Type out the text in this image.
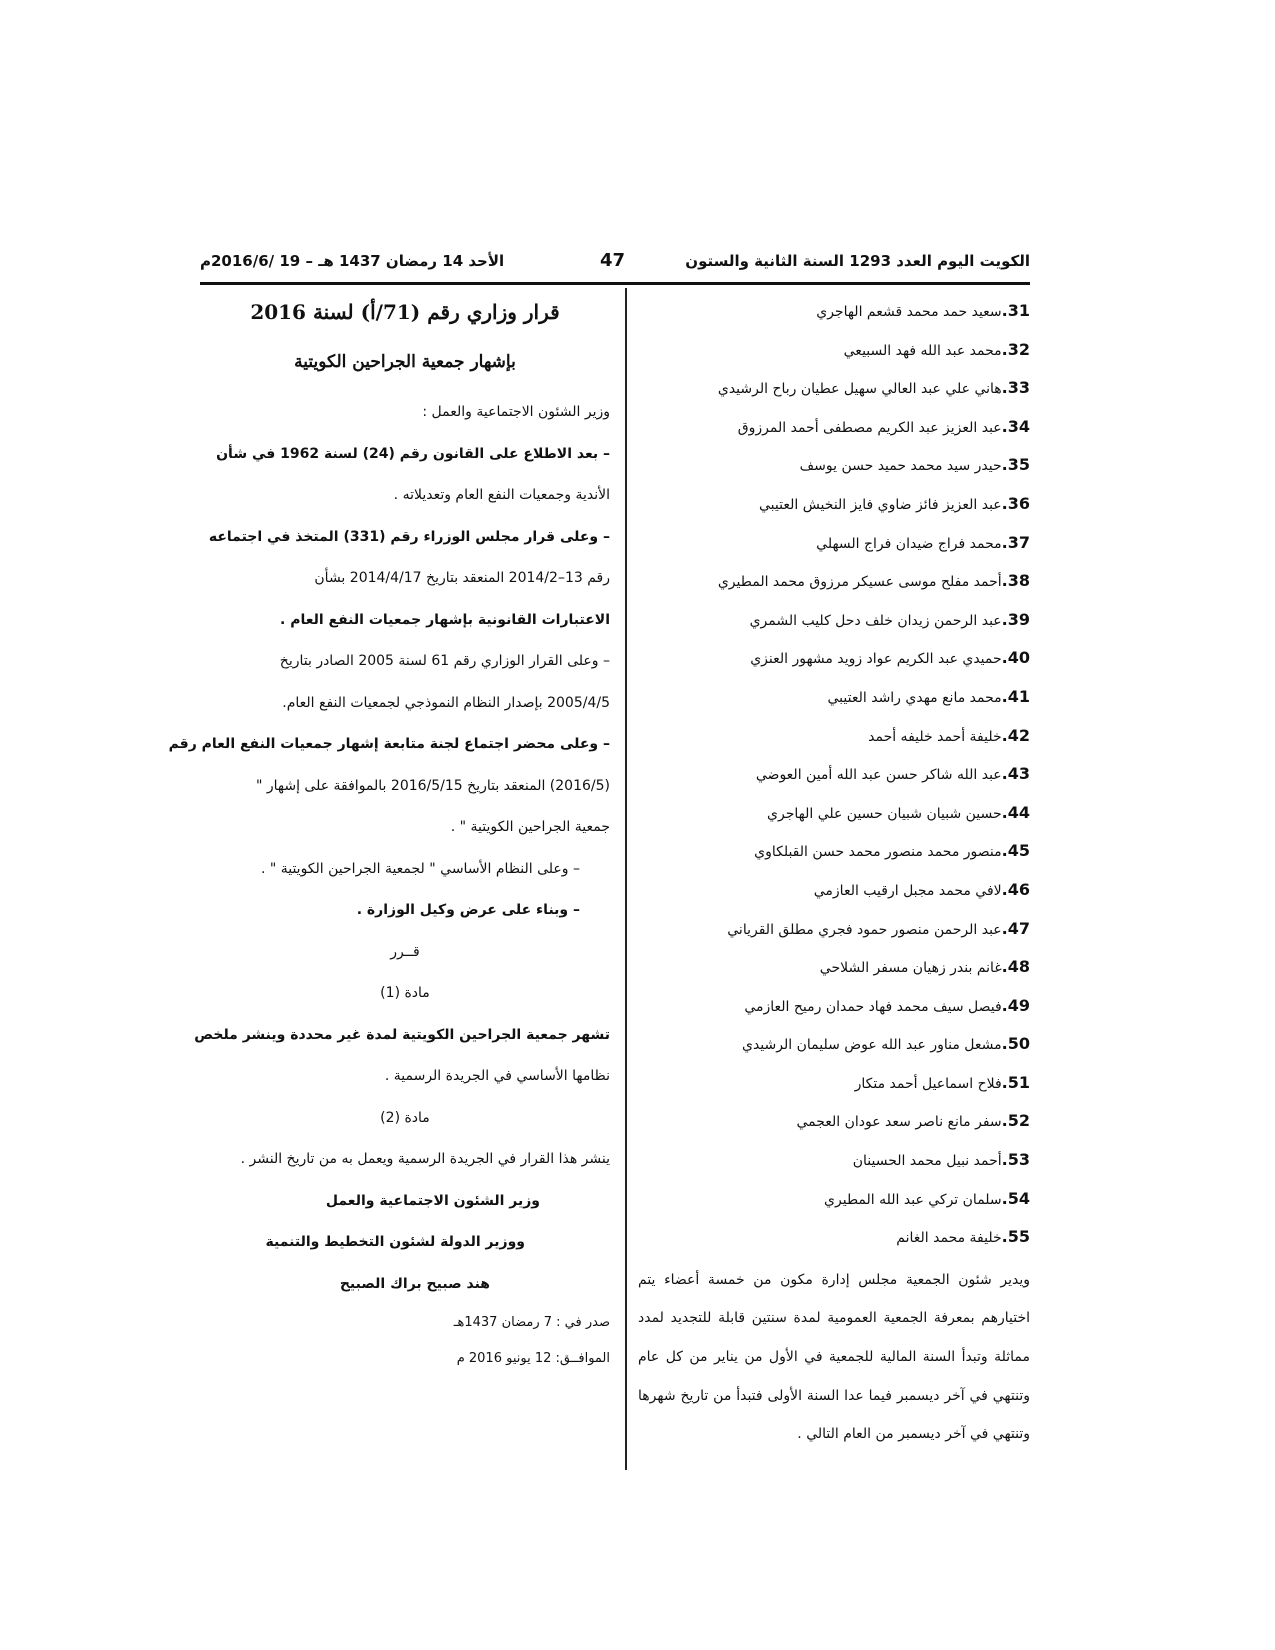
الكويت اليوم العدد 1293 السنة الثانية والستون
47
الأحد 14 رمضان 1437 هـ – 19 /2016/6م
31.سعيد حمد محمد قشعم الهاجري
32.محمد عبد الله فهد السبيعي
33.هاني علي عبد العالي سهيل عطيان رباح الرشيدي
34.عبد العزيز عبد الكريم مصطفى أحمد المرزوق
35.حيدر سيد محمد حميد حسن يوسف
36.عبد العزيز فائز ضاوي فايز النخيش العتيبي
37.محمد فراج ضيدان فراج السهلي
38.أحمد مفلح موسى عسيكر مرزوق محمد المطيري
39.عبد الرحمن زيدان خلف دحل كليب الشمري
40.حميدي عبد الكريم عواد زويد مشهور العنزي
41.محمد مانع مهدي راشد العتيبي
42.خليفة أحمد خليفه أحمد
43.عبد الله شاكر حسن عبد الله أمين العوضي
44.حسين شبيان شبيان حسين علي الهاجري
45.منصور محمد منصور محمد حسن القبلكاوي
46.لافي محمد مجبل ارقيب العازمي
47.عبد الرحمن منصور حمود فجري مطلق القرياني
48.غانم بندر زهيان مسفر الشلاحي
49.فيصل سيف محمد فهاد حمدان رميح العازمي
50.مشعل مناور عبد الله عوض سليمان الرشيدي
51.فلاح اسماعيل أحمد متكار
52.سفر مانع ناصر سعد عودان العجمي
53.أحمد نبيل محمد الحسينان
54.سلمان تركي عبد الله المطيري
55.خليفة محمد الغانم
ويدير شئون الجمعية مجلس إدارة مكون من خمسة أعضاء يتم اختيارهم بمعرفة الجمعية العمومية لمدة سنتين قابلة للتجديد لمدد مماثلة وتبدأ السنة المالية للجمعية في الأول من يناير من كل عام وتنتهي في آخر ديسمبر فيما عدا السنة الأولى فتبدأ من تاريخ شهرها وتنتهي في آخر ديسمبر من العام التالي .
قرار وزاري رقم (71/أ) لسنة 2016
بإشهار جمعية الجراحين الكويتية
وزير الشئون الاجتماعية والعمل :
– بعد الاطلاع على القانون رقم (24) لسنة 1962 في شأن
الأندية وجمعيات النفع العام وتعديلاته .
– وعلى قرار مجلس الوزراء رقم (331) المتخذ في اجتماعه
رقم 13–2014/2 المنعقد بتاريخ 2014/4/17 بشأن
الاعتبارات القانونية بإشهار جمعيات النفع العام .
– وعلى القرار الوزاري رقم 61 لسنة 2005 الصادر بتاريخ
2005/4/5 بإصدار النظام النموذجي لجمعيات النفع العام.
– وعلى محضر اجتماع لجنة متابعة إشهار جمعيات النفع العام رقم
(2016/5) المنعقد بتاريخ 2016/5/15 بالموافقة على إشهار "
جمعية الجراحين الكويتية " .
– وعلى النظام الأساسي " لجمعية الجراحين الكويتية " .
– وبناء على عرض وكيل الوزارة .
قــرر
مادة (1)
تشهر جمعية الجراحين الكويتية لمدة غير محددة وينشر ملخص
نظامها الأساسي في الجريدة الرسمية .
مادة (2)
ينشر هذا القرار في الجريدة الرسمية ويعمل به من تاريخ النشر .
وزير الشئون الاجتماعية والعمل
ووزير الدولة لشئون التخطيط والتنمية
هند صبيح براك الصبيح
صدر في : 7 رمضان 1437هـ
الموافــق: 12 يونيو 2016 م
